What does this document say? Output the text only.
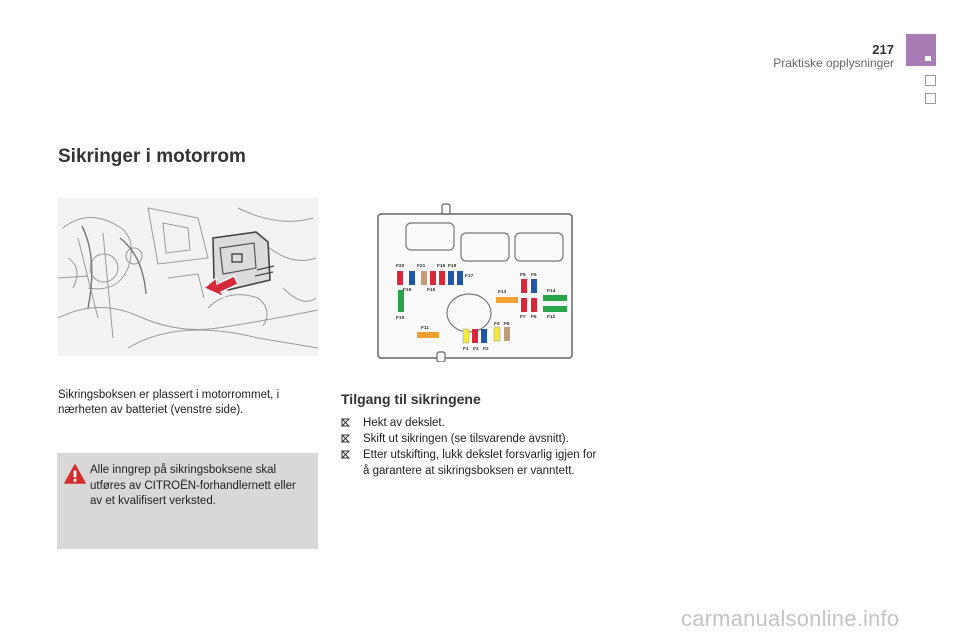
217
Praktiske opplysninger
Sikringer i motorrom

Sikringsboksen er plassert i motorrommet, i nærheten av batteriet (venstre side).

Alle inngrep på sikringsboksene skal utføres av CITROËN-forhandlernett eller av et kvalifisert verksted.

F20	F21 F16 F18
F17	F9 F5
F19	F15	F13	F14
F10	F7 F6 F12
F11
F4 F8
F1 F3 F2
Tilgang til sikringene
Hekt av dekslet.
Skift ut sikringen (se tilsvarende avsnitt).
Etter utskifting, lukk dekslet forsvarlig igjen for å garantere at sikringsboksen er vanntett.
carmanualsonline.info
